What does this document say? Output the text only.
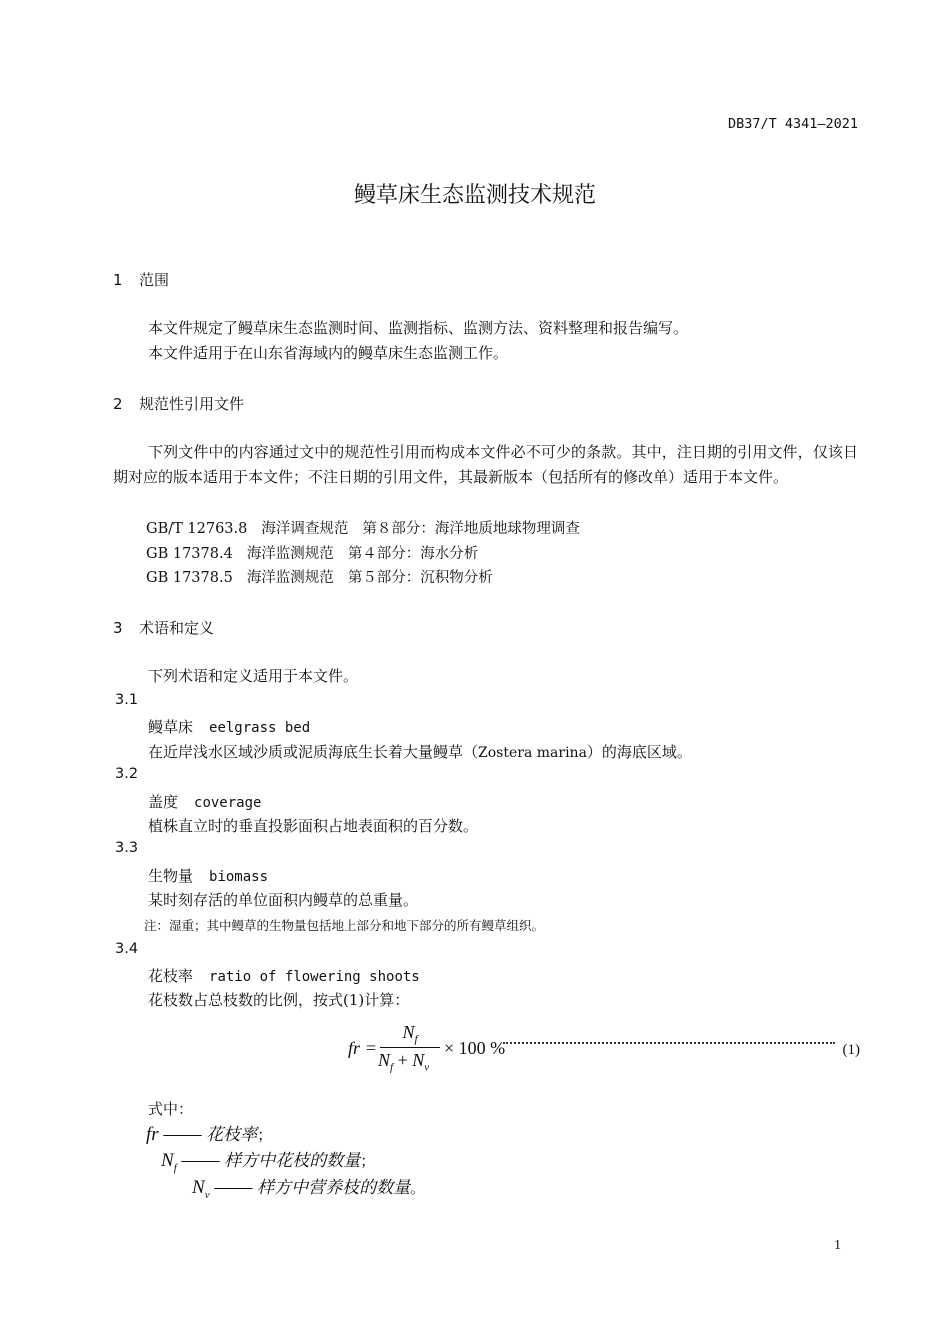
DB37/T 4341—2021
鳗草床生态监测技术规范
1 范围
本文件规定了鳗草床生态监测时间、监测指标、监测方法、资料整理和报告编写。
本文件适用于在山东省海域内的鳗草床生态监测工作。
2 规范性引用文件
下列文件中的内容通过文中的规范性引用而构成本文件必不可少的条款。其中，注日期的引用文件，仅该日期对应的版本适用于本文件；不注日期的引用文件，其最新版本（包括所有的修改单）适用于本文件。
GB/T 12763.8 海洋调查规范 第８部分：海洋地质地球物理调查
GB 17378.4 海洋监测规范 第４部分：海水分析
GB 17378.5 海洋监测规范 第５部分：沉积物分析
3 术语和定义
下列术语和定义适用于本文件。
3.1
鳗草床 eelgrass bed
在近岸浅水区域沙质或泥质海底生长着大量鳗草（Zostera marina）的海底区域。
3.2
盖度 coverage
植株直立时的垂直投影面积占地表面积的百分数。
3.3
生物量 biomass
某时刻存活的单位面积内鳗草的总重量。
注：湿重；其中鳗草的生物量包括地上部分和地下部分的所有鳗草组织。
3.4
花枝率 ratio of flowering shoots
花枝数占总枝数的比例，按式(1)计算：
fr =
$N_f$
$N_f + N_v$
× 100 %	(1)
式中：
fr —— 花枝率；
$N_f$ —— 样方中花枝的数量；
$N_v$ —— 样方中营养枝的数量。
1
